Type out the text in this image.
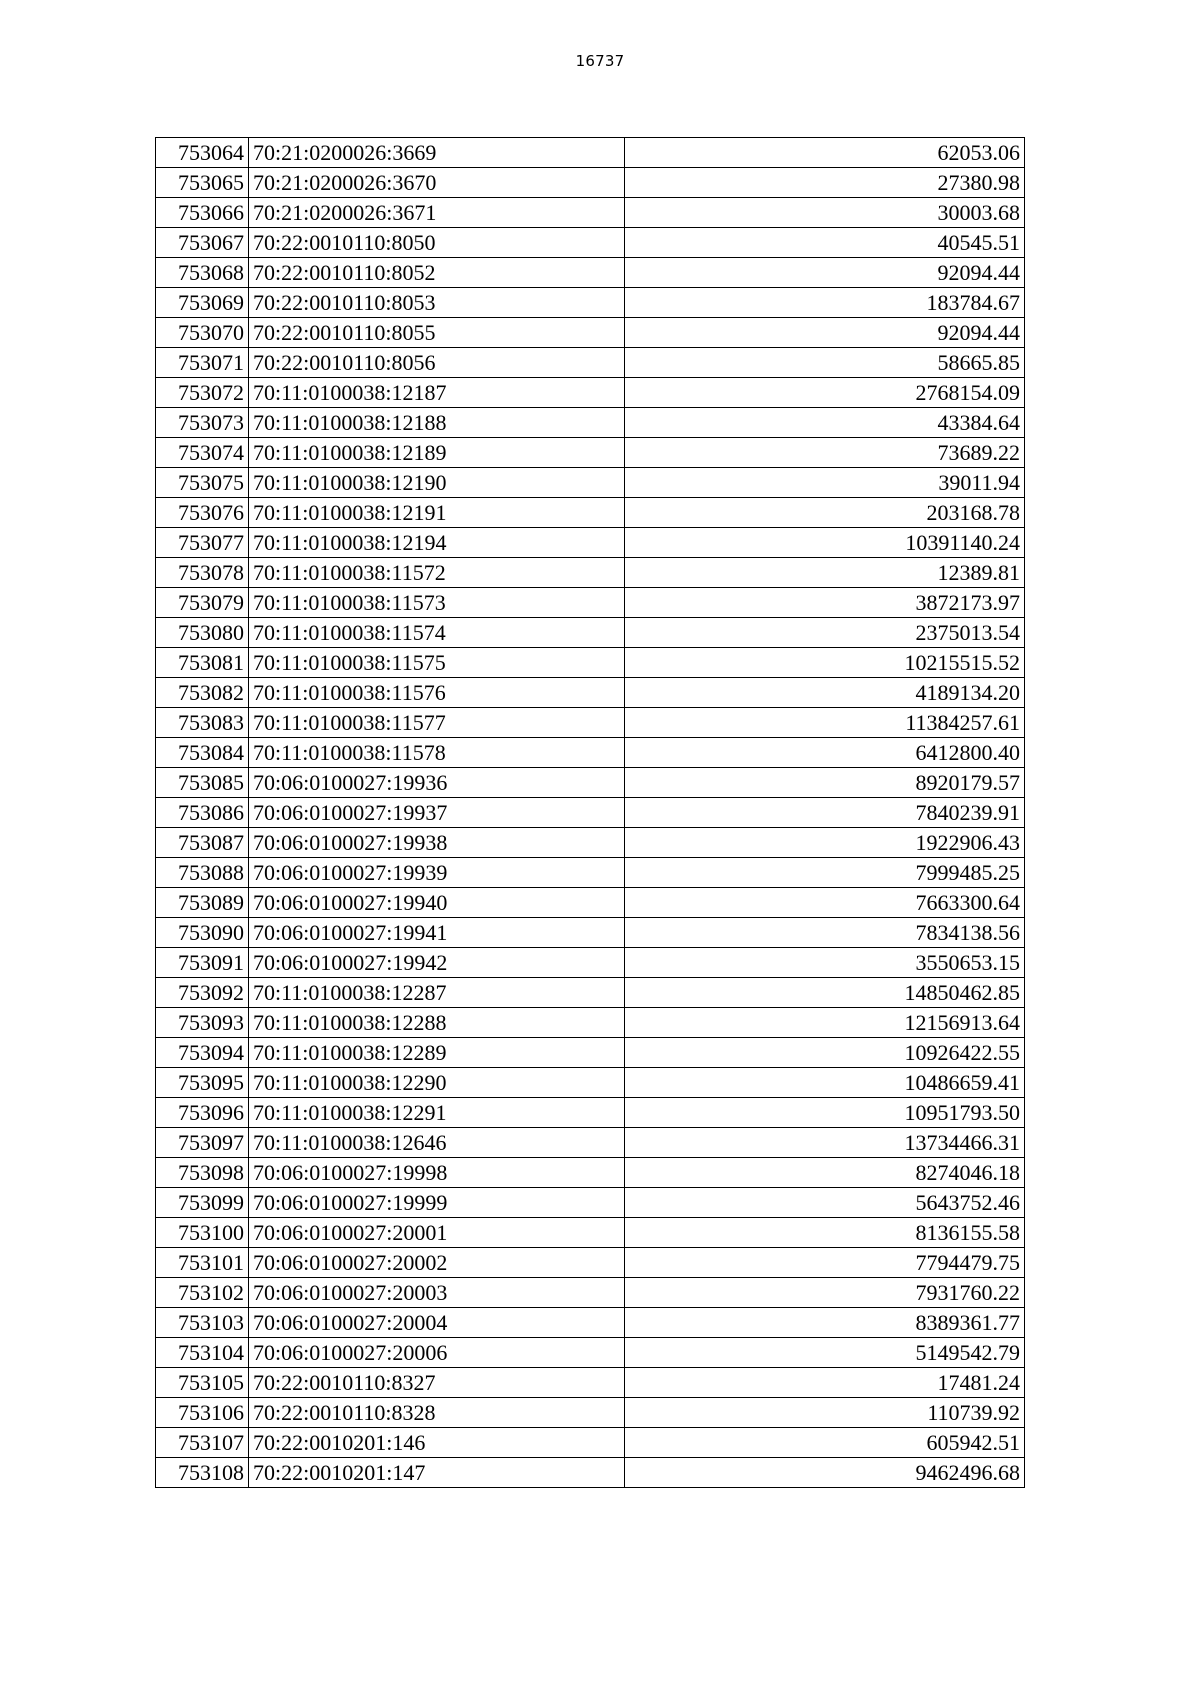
16737
753064	70:21:0200026:3669	62053.06
753065	70:21:0200026:3670	27380.98
753066	70:21:0200026:3671	30003.68
753067	70:22:0010110:8050	40545.51
753068	70:22:0010110:8052	92094.44
753069	70:22:0010110:8053	183784.67
753070	70:22:0010110:8055	92094.44
753071	70:22:0010110:8056	58665.85
753072	70:11:0100038:12187	2768154.09
753073	70:11:0100038:12188	43384.64
753074	70:11:0100038:12189	73689.22
753075	70:11:0100038:12190	39011.94
753076	70:11:0100038:12191	203168.78
753077	70:11:0100038:12194	10391140.24
753078	70:11:0100038:11572	12389.81
753079	70:11:0100038:11573	3872173.97
753080	70:11:0100038:11574	2375013.54
753081	70:11:0100038:11575	10215515.52
753082	70:11:0100038:11576	4189134.20
753083	70:11:0100038:11577	11384257.61
753084	70:11:0100038:11578	6412800.40
753085	70:06:0100027:19936	8920179.57
753086	70:06:0100027:19937	7840239.91
753087	70:06:0100027:19938	1922906.43
753088	70:06:0100027:19939	7999485.25
753089	70:06:0100027:19940	7663300.64
753090	70:06:0100027:19941	7834138.56
753091	70:06:0100027:19942	3550653.15
753092	70:11:0100038:12287	14850462.85
753093	70:11:0100038:12288	12156913.64
753094	70:11:0100038:12289	10926422.55
753095	70:11:0100038:12290	10486659.41
753096	70:11:0100038:12291	10951793.50
753097	70:11:0100038:12646	13734466.31
753098	70:06:0100027:19998	8274046.18
753099	70:06:0100027:19999	5643752.46
753100	70:06:0100027:20001	8136155.58
753101	70:06:0100027:20002	7794479.75
753102	70:06:0100027:20003	7931760.22
753103	70:06:0100027:20004	8389361.77
753104	70:06:0100027:20006	5149542.79
753105	70:22:0010110:8327	17481.24
753106	70:22:0010110:8328	110739.92
753107	70:22:0010201:146	605942.51
753108	70:22:0010201:147	9462496.68
